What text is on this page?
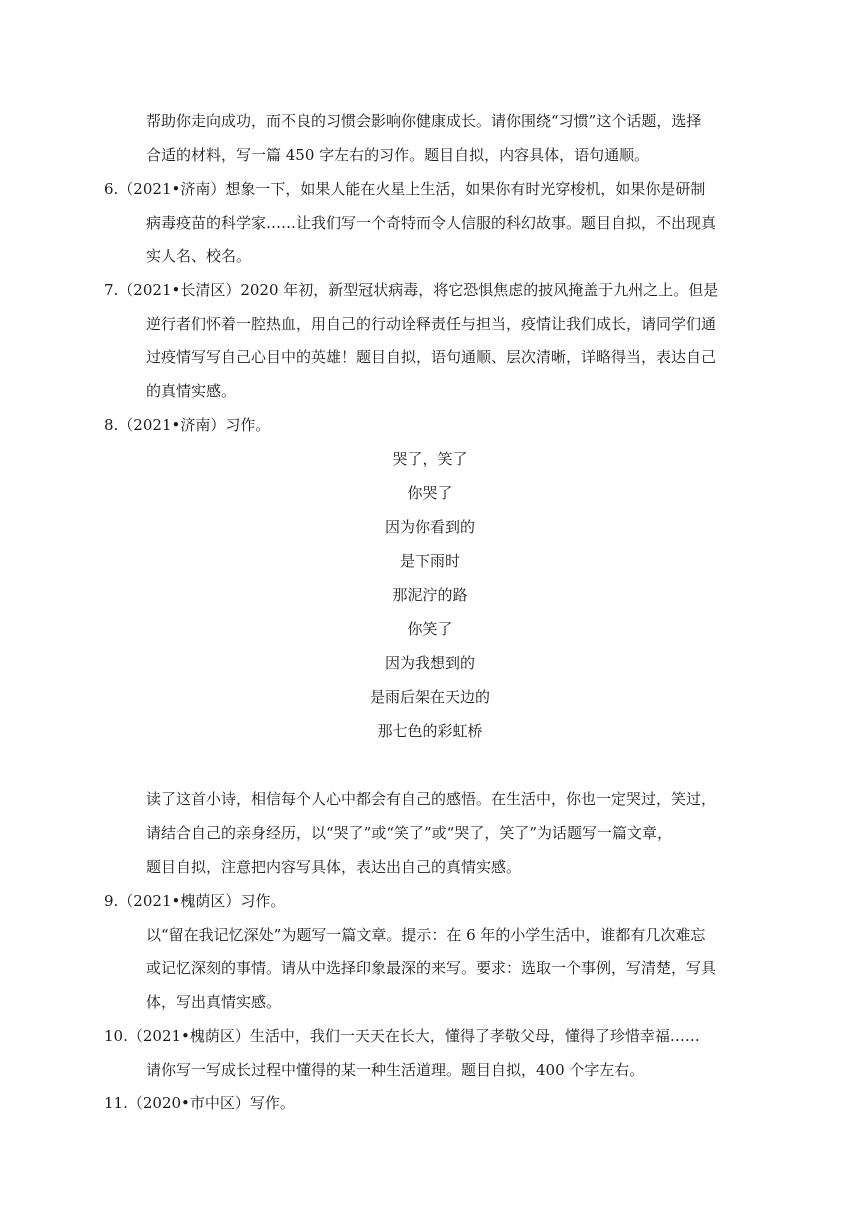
帮助你走向成功，而不良的习惯会影响你健康成长。请你围绕“习惯”这个话题，选择
合适的材料，写一篇 450 字左右的习作。题目自拟，内容具体，语句通顺。
6.（2021•济南）想象一下，如果人能在火星上生活，如果你有时光穿梭机，如果你是研制
病毒疫苗的科学家……让我们写一个奇特而令人信服的科幻故事。题目自拟，不出现真
实人名、校名。
7.（2021•长清区）2020 年初，新型冠状病毒，将它恐惧焦虑的披风掩盖于九州之上。但是
逆行者们怀着一腔热血，用自己的行动诠释责任与担当，疫情让我们成长，请同学们通
过疫情写写自己心目中的英雄！题目自拟，语句通顺、层次清晰，详略得当，表达自己
的真情实感。
8.（2021•济南）习作。
哭了，笑了
你哭了
因为你看到的
是下雨时
那泥泞的路
你笑了
因为我想到的
是雨后架在天边的
那七色的彩虹桥
读了这首小诗，相信每个人心中都会有自己的感悟。在生活中，你也一定哭过，笑过，
请结合自己的亲身经历，以“哭了”或“笑了”或“哭了，笑了”为话题写一篇文章，
题目自拟，注意把内容写具体，表达出自己的真情实感。
9.（2021•槐荫区）习作。
以“留在我记忆深处”为题写一篇文章。提示：在 6 年的小学生活中，谁都有几次难忘
或记忆深刻的事情。请从中选择印象最深的来写。要求：选取一个事例，写清楚，写具
体，写出真情实感。
10.（2021•槐荫区）生活中，我们一天天在长大，懂得了孝敬父母，懂得了珍惜幸福……
请你写一写成长过程中懂得的某一种生活道理。题目自拟，400 个字左右。
11.（2020•市中区）写作。
